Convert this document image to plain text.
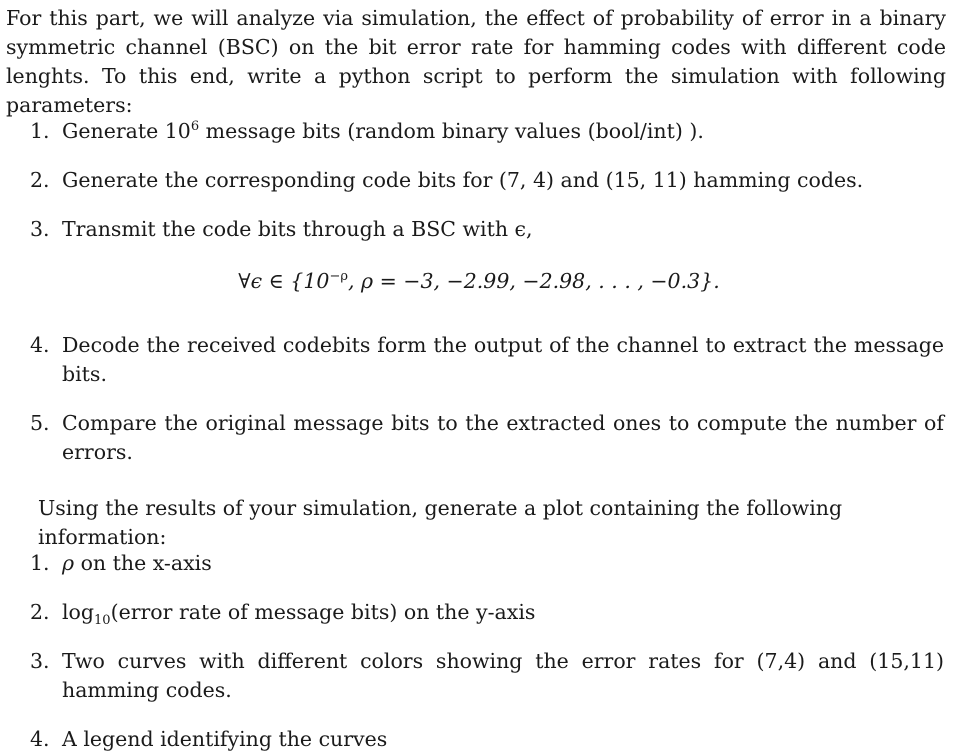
For this part, we will analyze via simulation, the effect of probability of error in a binary symmetric channel (BSC) on the bit error rate for hamming codes with different code lenghts. To this end, write a python script to perform the simulation with following parameters:
1. Generate $10^6$ message bits (random binary values (bool/int) ).
2. Generate the corresponding code bits for (7, 4) and (15, 11) hamming codes.
3. Transmit the code bits through a BSC with ϵ,
∀ϵ ∈ {$10^{-\rho}$, ρ = −3, −2.99, −2.98, . . . , −0.3}.
4. Decode the received codebits form the output of the channel to extract the message bits.
5. Compare the original message bits to the extracted ones to compute the number of errors.
Using the results of your simulation, generate a plot containing the following information:
1. ρ on the x-axis
2. $\log_{10}(error$ rate of message bits) on the y-axis
3. Two curves with different colors showing the error rates for (7,4) and (15,11) hamming codes.
4. A legend identifying the curves
